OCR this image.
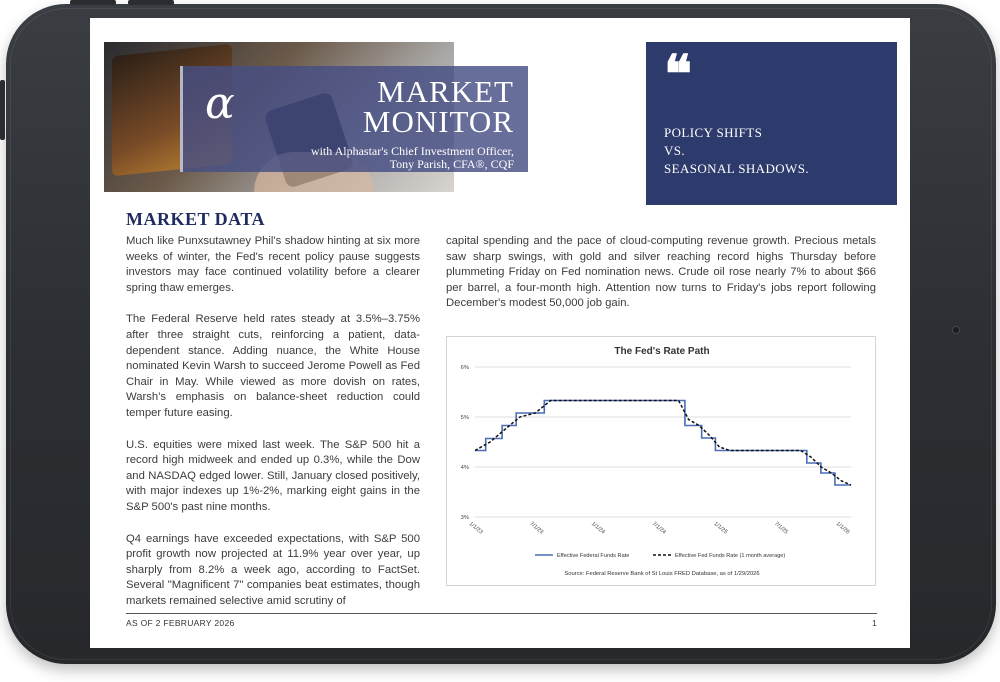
α	MARKET
MONITOR
with Alphastar's Chief Investment Officer,
Tony Parish, CFA®, CQF
❝
POLICY SHIFTS
VS.
SEASONAL SHADOWS.
-TONY PARISH
MARKET DATA

Much like Punxsutawney Phil's shadow hinting at six more weeks of winter, the Fed's recent policy pause suggests investors may face continued volatility before a clearer spring thaw emerges.

The Federal Reserve held rates steady at 3.5%–3.75% after three straight cuts, reinforcing a patient, data-dependent stance. Adding nuance, the White House nominated Kevin Warsh to succeed Jerome Powell as Fed Chair in May. While viewed as more dovish on rates, Warsh's emphasis on balance-sheet reduction could temper future easing.

U.S. equities were mixed last week. The S&P 500 hit a record high midweek and ended up 0.3%, while the Dow and NASDAQ edged lower. Still, January closed positively, with major indexes up 1%-2%, marking eight gains in the S&P 500's past nine months.

Q4 earnings have exceeded expectations, with S&P 500 profit growth now projected at 11.9% year over year, up sharply from 8.2% a week ago, according to FactSet. Several "Magnificent 7" companies beat estimates, though markets remained selective amid scrutiny of

capital spending and the pace of cloud-computing revenue growth. Precious metals saw sharp swings, with gold and silver reaching record highs Thursday before plummeting Friday on Fed nomination news. Crude oil rose nearly 7% to about $66 per barrel, a four-month high. Attention now turns to Friday's jobs report following December's modest 50,000 job gain.

The Fed's Rate Path
6%
5%
4%
3%
1/1/23	7/1/23	1/1/24	7/1/24	1/1/25	7/1/25	1/1/26
Effective Federal Funds Rate	Effective Fed Funds Rate (1 month average)
Source: Federal Reserve Bank of St Louis FRED Database, as of 1/29/2026
AS OF 2 FEBRUARY 2026	1
